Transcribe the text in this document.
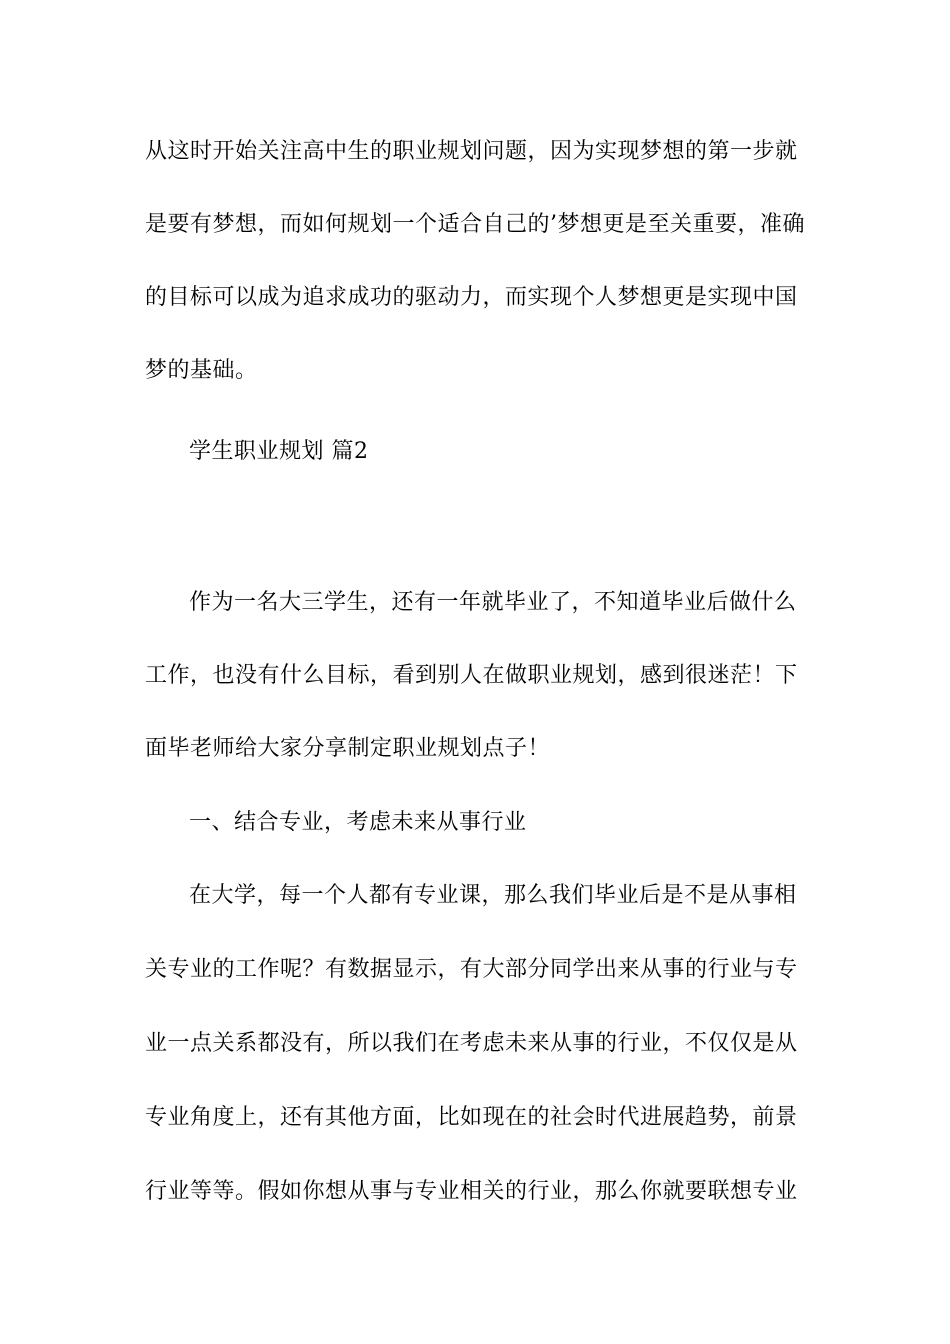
从这时开始关注高中生的职业规划问题，因为实现梦想的第一步就
是要有梦想，而如何规划一个适合自己的’梦想更是至关重要，准确
的目标可以成为追求成功的驱动力，而实现个人梦想更是实现中国
梦的基础。
学生职业规划 篇2
作为一名大三学生，还有一年就毕业了，不知道毕业后做什么
工作，也没有什么目标，看到别人在做职业规划，感到很迷茫！下
面毕老师给大家分享制定职业规划点子！
一、结合专业，考虑未来从事行业
在大学，每一个人都有专业课，那么我们毕业后是不是从事相
关专业的工作呢？有数据显示，有大部分同学出来从事的行业与专
业一点关系都没有，所以我们在考虑未来从事的行业，不仅仅是从
专业角度上，还有其他方面，比如现在的社会时代进展趋势，前景
行业等等。假如你想从事与专业相关的行业，那么你就要联想专业
